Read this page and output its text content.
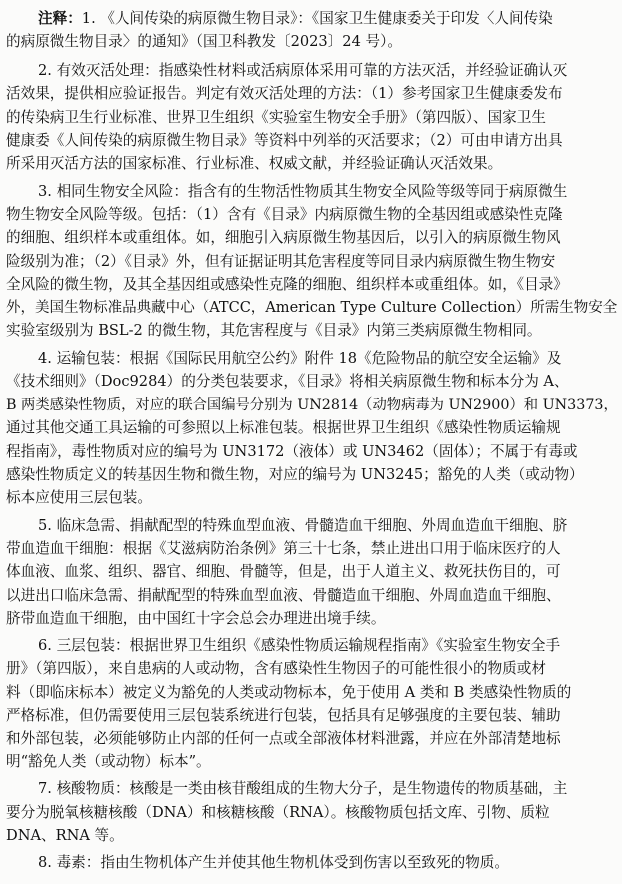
注释：1. 《人间传染的病原微生物目录》：《国家卫生健康委关于印发〈人间传染
的病原微生物目录〉的通知》（国卫科教发〔2023〕24 号）。
2. 有效灭活处理：指感染性材料或活病原体采用可靠的方法灭活，并经验证确认灭
活效果，提供相应验证报告。判定有效灭活处理的方法：（1）参考国家卫生健康委发布
的传染病卫生行业标准、世界卫生组织《实验室生物安全手册》（第四版）、国家卫生
健康委《人间传染的病原微生物目录》等资料中列举的灭活要求；（2）可由申请方出具
所采用灭活方法的国家标准、行业标准、权威文献，并经验证确认灭活效果。
3. 相同生物安全风险：指含有的生物活性物质其生物安全风险等级等同于病原微生
物生物安全风险等级。包括：（1）含有《目录》内病原微生物的全基因组或感染性克隆
的细胞、组织样本或重组体。如，细胞引入病原微生物基因后，以引入的病原微生物风
险级别为准；（2）《目录》外，但有证据证明其危害程度等同目录内病原微生物生物安
全风险的微生物，及其全基因组或感染性克隆的细胞、组织样本或重组体。如，《目录》
外，美国生物标准品典藏中心（ATCC，American Type Culture Collection）所需生物安全
实验室级别为 BSL-2 的微生物，其危害程度与《目录》内第三类病原微生物相同。
4. 运输包装：根据《国际民用航空公约》附件 18《危险物品的航空安全运输》及
《技术细则》（Doc9284）的分类包装要求，《目录》将相关病原微生物和标本分为 A、
B 两类感染性物质，对应的联合国编号分别为 UN2814（动物病毒为 UN2900）和 UN3373，
通过其他交通工具运输的可参照以上标准包装。根据世界卫生组织《感染性物质运输规
程指南》，毒性物质对应的编号为 UN3172（液体）或 UN3462（固体）；不属于有毒或
感染性物质定义的转基因生物和微生物，对应的编号为 UN3245；豁免的人类（或动物）
标本应使用三层包装。
5. 临床急需、捐献配型的特殊血型血液、骨髓造血干细胞、外周血造血干细胞、脐
带血造血干细胞：根据《艾滋病防治条例》第三十七条，禁止进出口用于临床医疗的人
体血液、血浆、组织、器官、细胞、骨髓等，但是，出于人道主义、救死扶伤目的，可
以进出口临床急需、捐献配型的特殊血型血液、骨髓造血干细胞、外周血造血干细胞、
脐带血造血干细胞，由中国红十字会总会办理进出境手续。
6. 三层包装：根据世界卫生组织《感染性物质运输规程指南》《实验室生物安全手
册》（第四版），来自患病的人或动物，含有感染性生物因子的可能性很小的物质或材
料（即临床标本）被定义为豁免的人类或动物标本，免于使用 A 类和 B 类感染性物质的
严格标准，但仍需要使用三层包装系统进行包装，包括具有足够强度的主要包装、辅助
和外部包装，必须能够防止内部的任何一点或全部液体材料泄露，并应在外部清楚地标
明“豁免人类（或动物）标本”。
7. 核酸物质：核酸是一类由核苷酸组成的生物大分子，是生物遗传的物质基础，主
要分为脱氧核糖核酸（DNA）和核糖核酸（RNA）。核酸物质包括文库、引物、质粒
DNA、RNA 等。
8. 毒素：指由生物机体产生并使其他生物机体受到伤害以至致死的物质。
